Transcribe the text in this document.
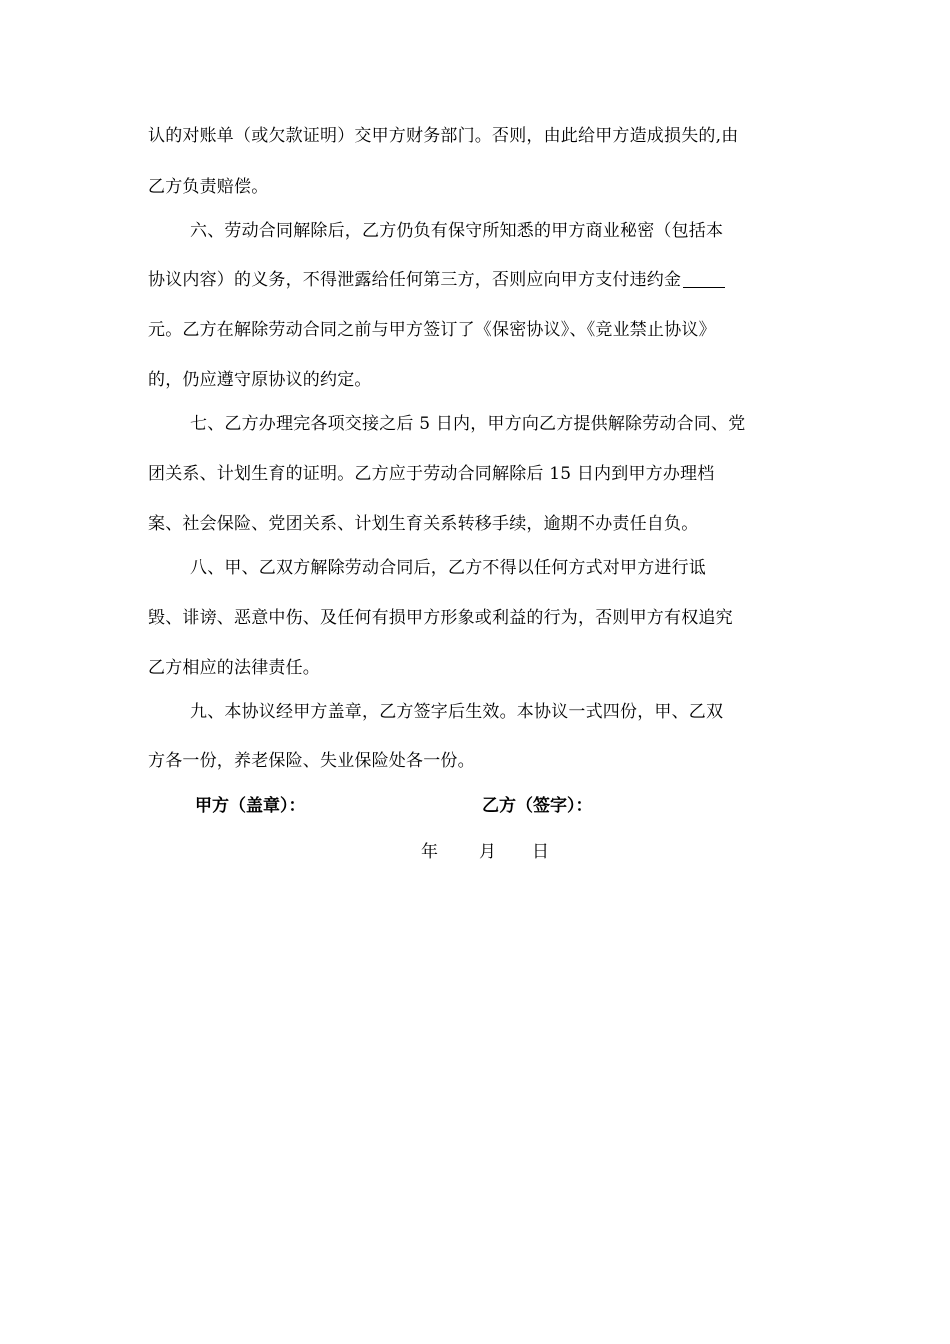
认的对账单（或欠款证明）交甲方财务部门。否则，由此给甲方造成损失的,由
乙方负责赔偿。
六、劳动合同解除后，乙方仍负有保守所知悉的甲方商业秘密（包括本
协议内容）的义务，不得泄露给任何第三方，否则应向甲方支付违约金
元。乙方在解除劳动合同之前与甲方签订了《保密协议》、《竞业禁止协议》
的，仍应遵守原协议的约定。
七、乙方办理完各项交接之后 5 日内，甲方向乙方提供解除劳动合同、党
团关系、计划生育的证明。乙方应于劳动合同解除后 15 日内到甲方办理档
案、社会保险、党团关系、计划生育关系转移手续，逾期不办责任自负。
八、甲、乙双方解除劳动合同后，乙方不得以任何方式对甲方进行诋
毁、诽谤、恶意中伤、及任何有损甲方形象或利益的行为，否则甲方有权追究
乙方相应的法律责任。
九、本协议经甲方盖章，乙方签字后生效。本协议一式四份，甲、乙双
方各一份，养老保险、失业保险处各一份。
甲方（盖章）：	乙方（签字）：
年 月 日
